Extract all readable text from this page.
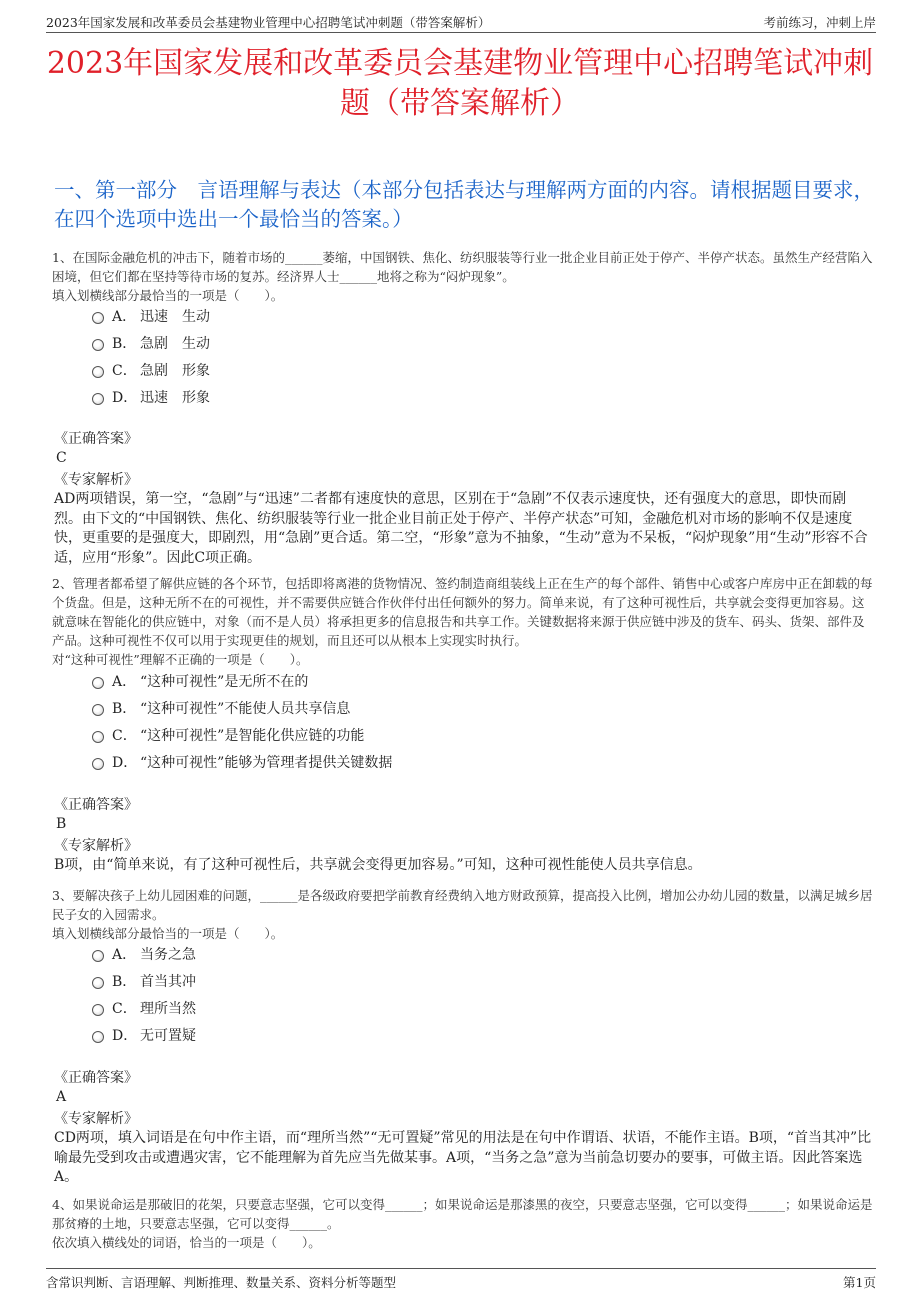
2023年国家发展和改革委员会基建物业管理中心招聘笔试冲刺题（带答案解析）	考前练习，冲刺上岸
2023年国家发展和改革委员会基建物业管理中心招聘笔试冲刺题（带答案解析）
一、第一部分　言语理解与表达（本部分包括表达与理解两方面的内容。请根据题目要求，在四个选项中选出一个最恰当的答案。）

1、在国际金融危机的冲击下，随着市场的______萎缩，中国钢铁、焦化、纺织服装等行业一批企业目前正处于停产、半停产状态。虽然生产经营陷入困境，但它们都在坚持等待市场的复苏。经济界人士______地将之称为“闷炉现象”。

填入划横线部分最恰当的一项是（　　）。

A． 迅速　生动
B． 急剧　生动
C． 急剧　形象
D． 迅速　形象
《正确答案》
C
《专家解析》
AD两项错误，第一空，“急剧”与“迅速”二者都有速度快的意思，区别在于“急剧”不仅表示速度快，还有强度大的意思，即快而剧烈。由下文的“中国钢铁、焦化、纺织服装等行业一批企业目前正处于停产、半停产状态”可知，金融危机对市场的影响不仅是速度快，更重要的是强度大，即剧烈，用“急剧”更合适。第二空，“形象”意为不抽象，“生动”意为不呆板，“闷炉现象”用“生动”形容不合适，应用“形象”。因此C项正确。

2、管理者都希望了解供应链的各个环节，包括即将离港的货物情况、签约制造商组装线上正在生产的每个部件、销售中心或客户库房中正在卸载的每个货盘。但是，这种无所不在的可视性，并不需要供应链合作伙伴付出任何额外的努力。简单来说，有了这种可视性后，共享就会变得更加容易。这就意味在智能化的供应链中，对象（而不是人员）将承担更多的信息报告和共享工作。关键数据将来源于供应链中涉及的货车、码头、货架、部件及产品。这种可视性不仅可以用于实现更佳的规划，而且还可以从根本上实现实时执行。

对“这种可视性”理解不正确的一项是（　　）。

A． “这种可视性”是无所不在的
B． “这种可视性”不能使人员共享信息
C． “这种可视性”是智能化供应链的功能
D． “这种可视性”能够为管理者提供关键数据
《正确答案》
B
《专家解析》
B项，由“简单来说，有了这种可视性后，共享就会变得更加容易。”可知，这种可视性能使人员共享信息。

3、要解决孩子上幼儿园困难的问题，______是各级政府要把学前教育经费纳入地方财政预算，提高投入比例，增加公办幼儿园的数量，以满足城乡居民子女的入园需求。

填入划横线部分最恰当的一项是（　　）。

A． 当务之急
B． 首当其冲
C． 理所当然
D． 无可置疑
《正确答案》
A
《专家解析》
CD两项，填入词语是在句中作主语，而“理所当然”“无可置疑”常见的用法是在句中作谓语、状语，不能作主语。B项，“首当其冲”比喻最先受到攻击或遭遇灾害，它不能理解为首先应当先做某事。A项，“当务之急”意为当前急切要办的要事，可做主语。因此答案选A。

4、如果说命运是那破旧的花架，只要意志坚强，它可以变得______；如果说命运是那漆黑的夜空，只要意志坚强，它可以变得______；如果说命运是那贫瘠的土地，只要意志坚强，它可以变得______。

依次填入横线处的词语，恰当的一项是（　　）。

含常识判断、言语理解、判断推理、数量关系、资料分析等题型	第1页
